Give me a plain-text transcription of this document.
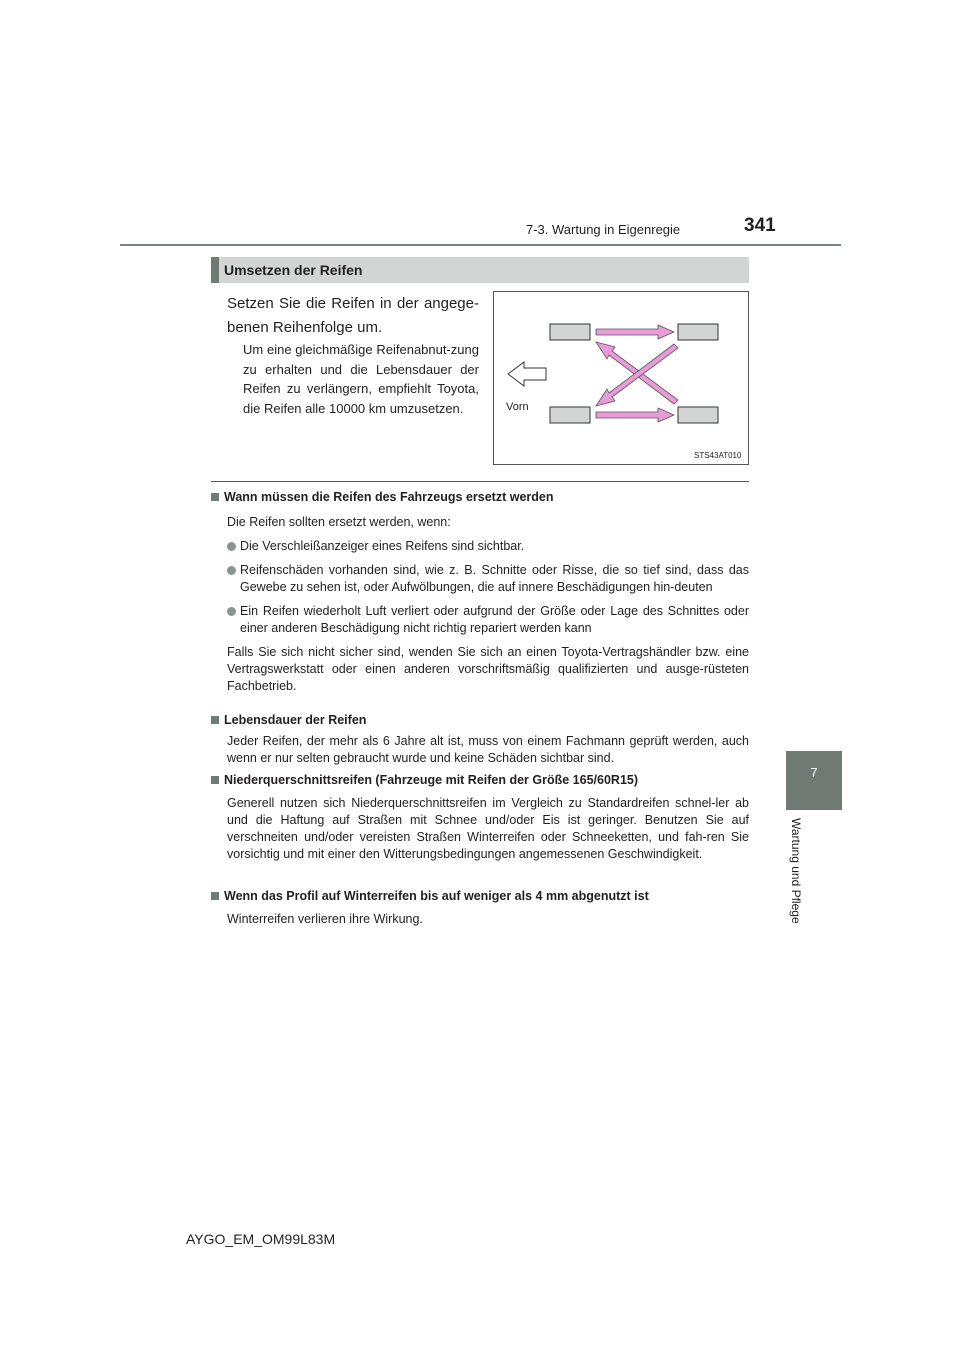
7-3. Wartung in Eigenregie	341
7
Wartung und Pflege
Umsetzen der Reifen
Setzen Sie die Reifen in der angege-benen Reihenfolge um.
Um eine gleichmäßige Reifenabnut-zung zu erhalten und die Lebensdauer der Reifen zu verlängern, empfiehlt Toyota, die Reifen alle 10000 km umzusetzen.	Vorn
STS43AT010
Wann müssen die Reifen des Fahrzeugs ersetzt werden
Die Reifen sollten ersetzt werden, wenn:
Die Verschleißanzeiger eines Reifens sind sichtbar.
Reifenschäden vorhanden sind, wie z. B. Schnitte oder Risse, die so tief sind, dass das Gewebe zu sehen ist, oder Aufwölbungen, die auf innere Beschädigungen hin-deuten
Ein Reifen wiederholt Luft verliert oder aufgrund der Größe oder Lage des Schnittes oder einer anderen Beschädigung nicht richtig repariert werden kann
Falls Sie sich nicht sicher sind, wenden Sie sich an einen Toyota-Vertragshändler bzw. eine Vertragswerkstatt oder einen anderen vorschriftsmäßig qualifizierten und ausge-rüsteten Fachbetrieb.
Lebensdauer der Reifen
Jeder Reifen, der mehr als 6 Jahre alt ist, muss von einem Fachmann geprüft werden, auch wenn er nur selten gebraucht wurde und keine Schäden sichtbar sind.
Niederquerschnittsreifen (Fahrzeuge mit Reifen der Größe 165/60R15)
Generell nutzen sich Niederquerschnittsreifen im Vergleich zu Standardreifen schnel-ler ab und die Haftung auf Straßen mit Schnee und/oder Eis ist geringer. Benutzen Sie auf verschneiten und/oder vereisten Straßen Winterreifen oder Schneeketten, und fah-ren Sie vorsichtig und mit einer den Witterungsbedingungen angemessenen Geschwindigkeit.
Wenn das Profil auf Winterreifen bis auf weniger als 4 mm abgenutzt ist
Winterreifen verlieren ihre Wirkung.
AYGO_EM_OM99L83M
